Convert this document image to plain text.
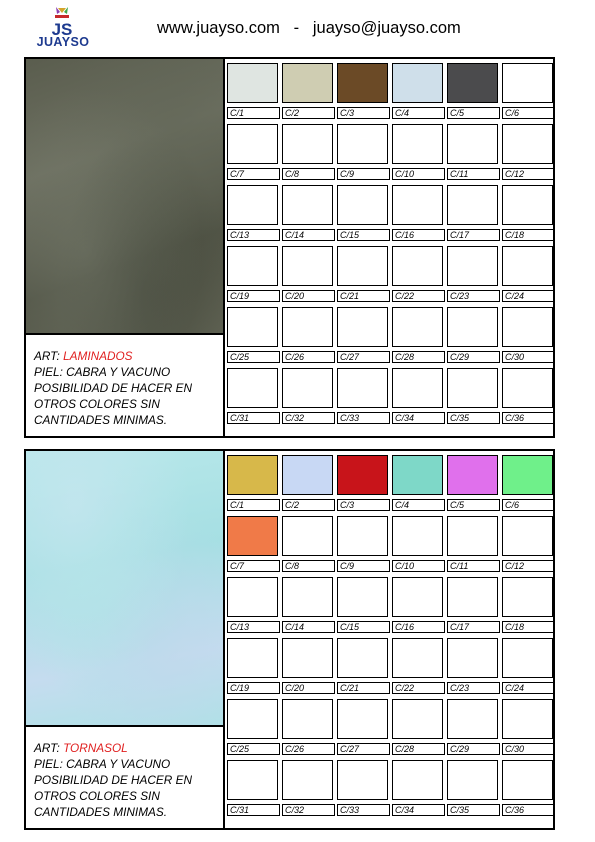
JS
JUAYSO
www.juayso.com   -   juayso@juayso.com
ART: LAMINADOS
PIEL: CABRA Y VACUNO
POSIBILIDAD DE HACER EN
OTROS COLORES SIN
CANTIDADES MINIMAS.
C/1	C/2	C/3	C/4	C/5	C/6
C/7	C/8	C/9	C/10	C/11	C/12
C/13	C/14	C/15	C/16	C/17	C/18
C/19	C/20	C/21	C/22	C/23	C/24
C/25	C/26	C/27	C/28	C/29	C/30
C/31	C/32	C/33	C/34	C/35	C/36
ART: TORNASOL
PIEL: CABRA Y VACUNO
POSIBILIDAD DE HACER EN
OTROS COLORES SIN
CANTIDADES MINIMAS.
C/1	C/2	C/3	C/4	C/5	C/6
C/7	C/8	C/9	C/10	C/11	C/12
C/13	C/14	C/15	C/16	C/17	C/18
C/19	C/20	C/21	C/22	C/23	C/24
C/25	C/26	C/27	C/28	C/29	C/30
C/31	C/32	C/33	C/34	C/35	C/36
